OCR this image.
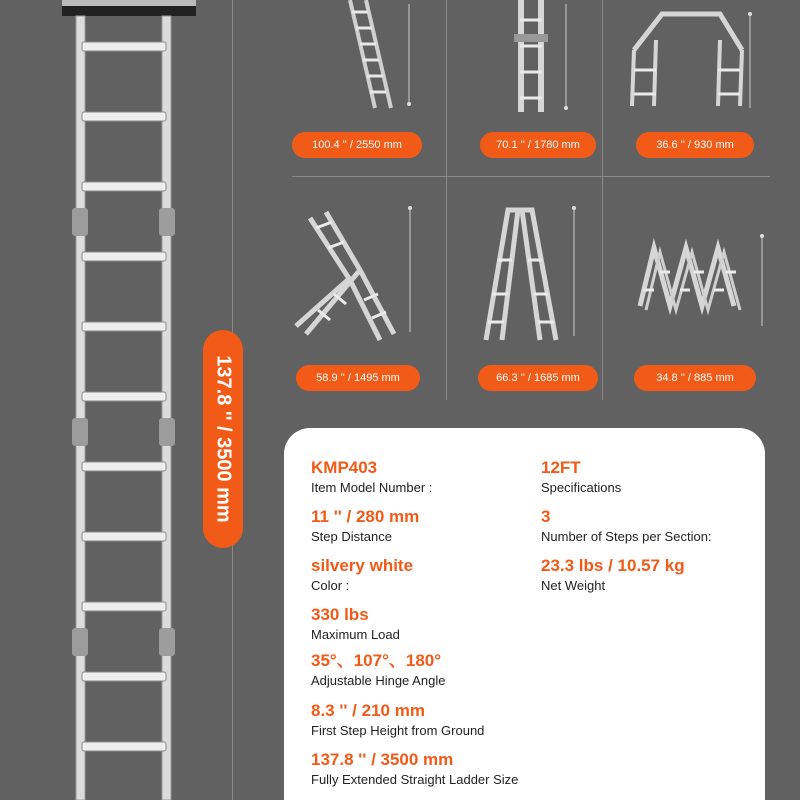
137.8 '' / 3500 mm
100.4 '' / 2550 mm	70.1 '' / 1780 mm	36.6 '' / 930 mm
58.9 '' / 1495 mm	66.3 '' / 1685 mm	34.8 '' / 885 mm
KMP403
Item Model Number :
11 '' / 280 mm
Step Distance
silvery white
Color :
330 lbs
Maximum Load
35°、107°、180°
Adjustable Hinge Angle
8.3 '' / 210 mm
First Step Height from Ground
137.8 '' / 3500 mm
Fully Extended Straight Ladder Size
12FT
Specifications
3
Number of Steps per Section:
23.3 lbs / 10.57 kg
Net Weight
